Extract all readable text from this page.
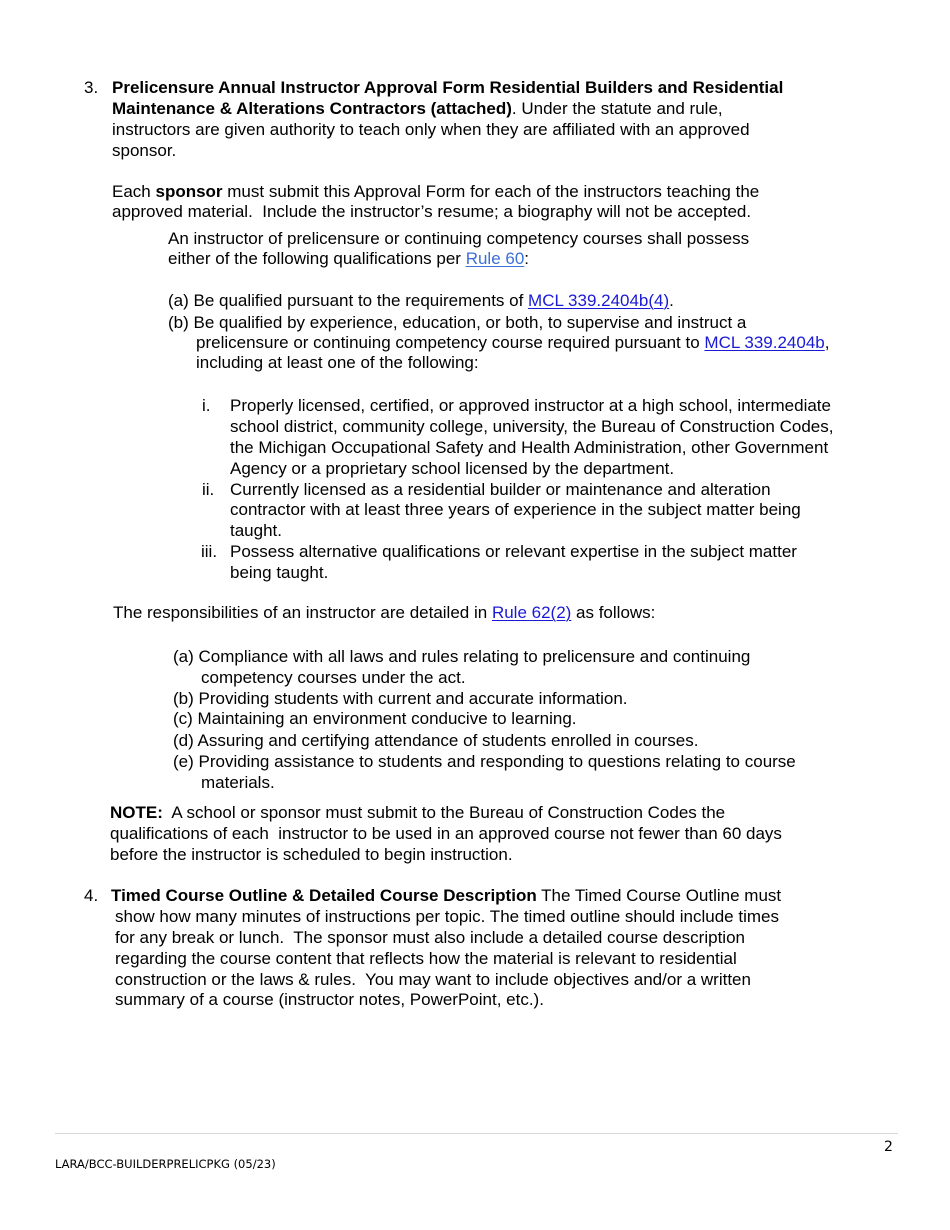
3. Prelicensure Annual Instructor Approval Form Residential Builders and Residential
Maintenance & Alterations Contractors (attached). Under the statute and rule,
instructors are given authority to teach only when they are affiliated with an approved
sponsor.
Each sponsor must submit this Approval Form for each of the instructors teaching the
approved material.  Include the instructor’s resume; a biography will not be accepted.
An instructor of prelicensure or continuing competency courses shall possess
either of the following qualifications per Rule 60:
(a) Be qualified pursuant to the requirements of MCL 339.2404b(4).
(b) Be qualified by experience, education, or both, to supervise and instruct a
prelicensure or continuing competency course required pursuant to MCL 339.2404b,
including at least one of the following:
i. Properly licensed, certified, or approved instructor at a high school, intermediate
school district, community college, university, the Bureau of Construction Codes,
the Michigan Occupational Safety and Health Administration, other Government
Agency or a proprietary school licensed by the department.
ii. Currently licensed as a residential builder or maintenance and alteration
contractor with at least three years of experience in the subject matter being
taught.
iii. Possess alternative qualifications or relevant expertise in the subject matter
being taught.
The responsibilities of an instructor are detailed in Rule 62(2) as follows:
(a) Compliance with all laws and rules relating to prelicensure and continuing
competency courses under the act.
(b) Providing students with current and accurate information.
(c) Maintaining an environment conducive to learning.
(d) Assuring and certifying attendance of students enrolled in courses.
(e) Providing assistance to students and responding to questions relating to course
materials.
NOTE:  A school or sponsor must submit to the Bureau of Construction Codes the
qualifications of each  instructor to be used in an approved course not fewer than 60 days
before the instructor is scheduled to begin instruction.
4. Timed Course Outline & Detailed Course Description The Timed Course Outline must
show how many minutes of instructions per topic. The timed outline should include times
for any break or lunch.  The sponsor must also include a detailed course description
regarding the course content that reflects how the material is relevant to residential
construction or the laws & rules.  You may want to include objectives and/or a written
summary of a course (instructor notes, PowerPoint, etc.).
2
LARA/BCC-BUILDERPRELICPKG (05/23)
